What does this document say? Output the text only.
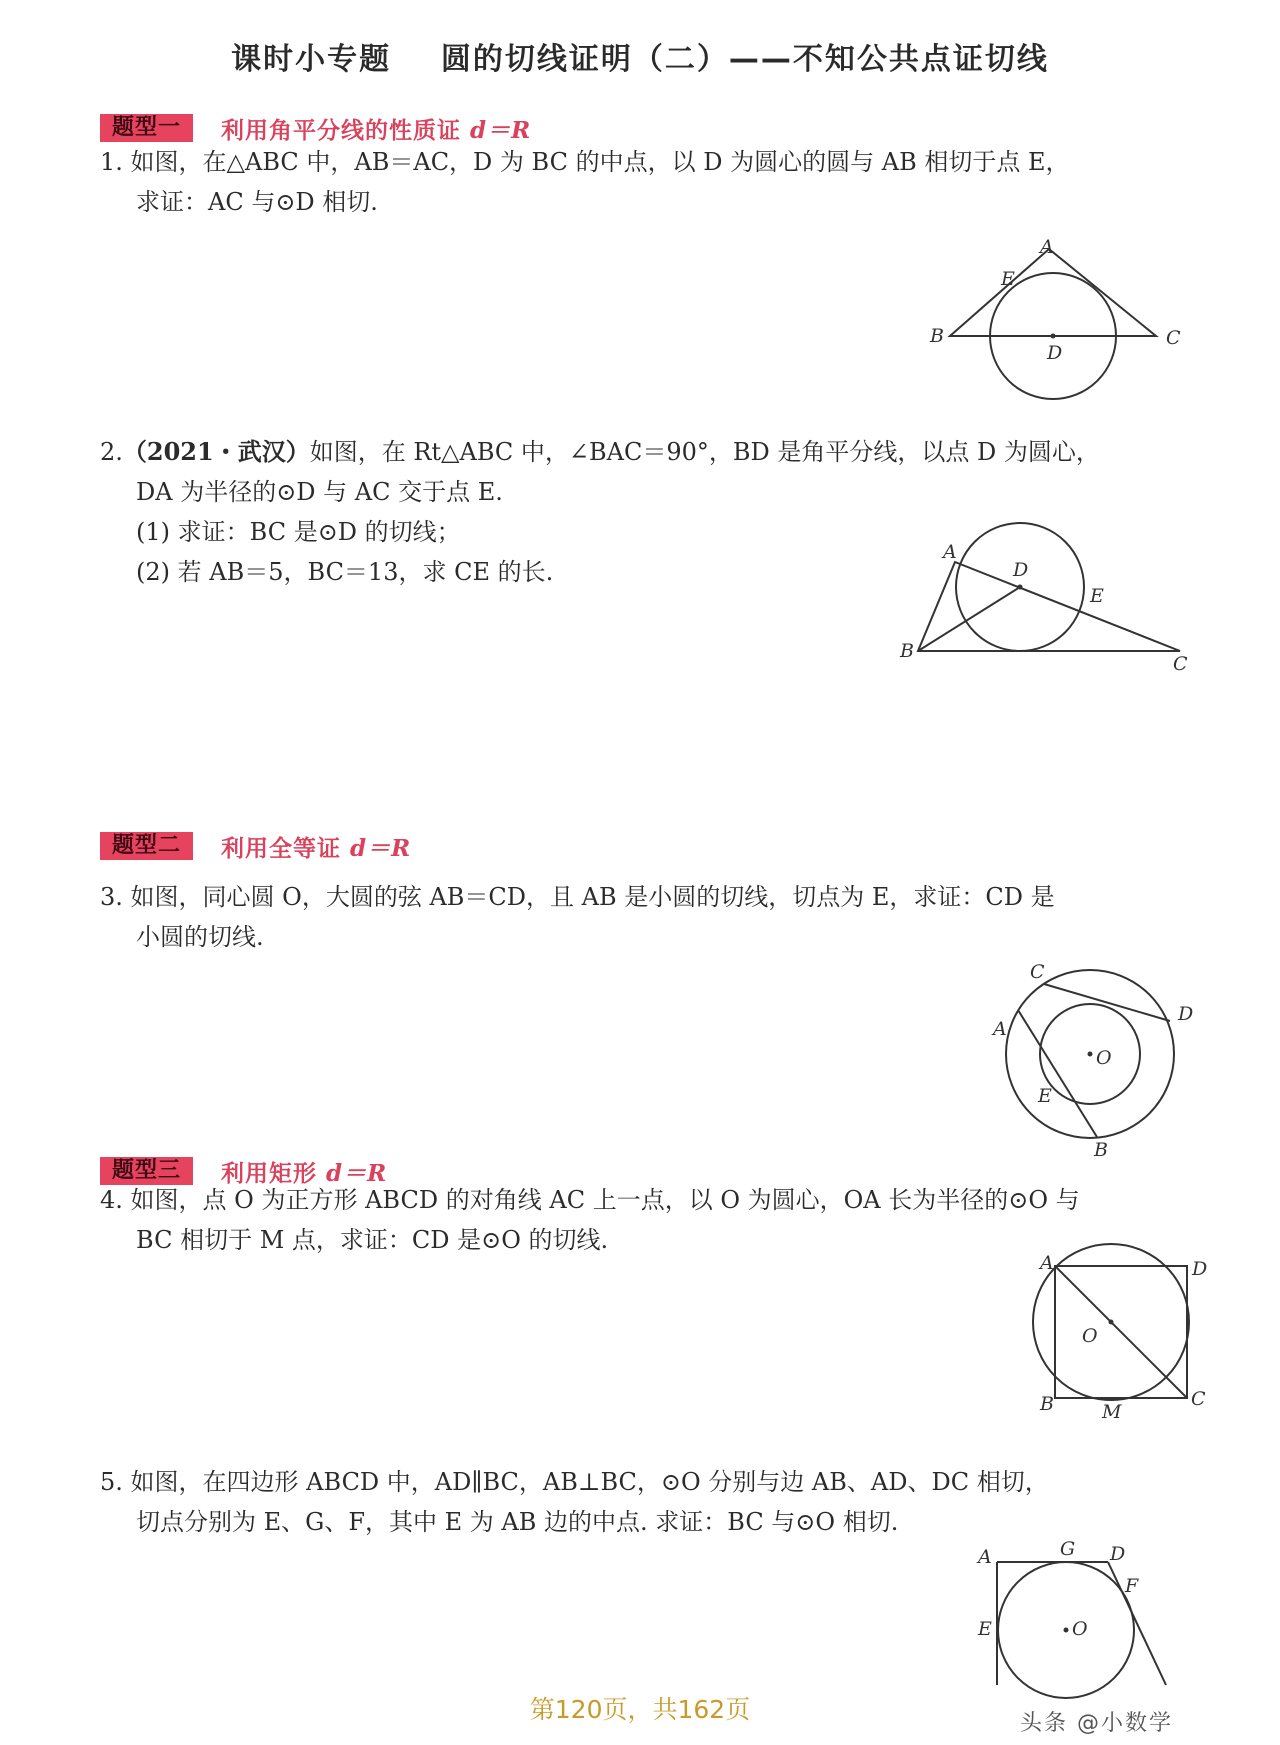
课时小专题    圆的切线证明（二）——不知公共点证切线
题型一	利用角平分线的性质证 d＝R
1. 如图，在△ABC 中，AB＝AC，D 为 BC 的中点，以 D 为圆心的圆与 AB 相切于点 E，
求证：AC 与⊙D 相切.
A
E
B	C
D
2.（2021・武汉）如图，在 Rt△ABC 中，∠BAC＝90°，BD 是角平分线，以点 D 为圆心，
DA 为半径的⊙D 与 AC 交于点 E.
(1) 求证：BC 是⊙D 的切线；
(2) 若 AB＝5，BC＝13，求 CE 的长.
A
D
E
B
C
题型二	利用全等证 d＝R
3. 如图，同心圆 O，大圆的弦 AB＝CD，且 AB 是小圆的切线，切点为 E，求证：CD 是
小圆的切线.
C
D
A
O
E
B
题型三	利用矩形 d＝R
4. 如图，点 O 为正方形 ABCD 的对角线 AC 上一点，以 O 为圆心，OA 长为半径的⊙O 与
BC 相切于 M 点，求证：CD 是⊙O 的切线.
A	D
O
B	M
C
5. 如图，在四边形 ABCD 中，AD∥BC，AB⊥BC，⊙O 分别与边 AB、AD、DC 相切，
切点分别为 E、G、F，其中 E 为 AB 边的中点. 求证：BC 与⊙O 相切.
A	G D
F
O
E
第120页，共162页	头条 @小数学
